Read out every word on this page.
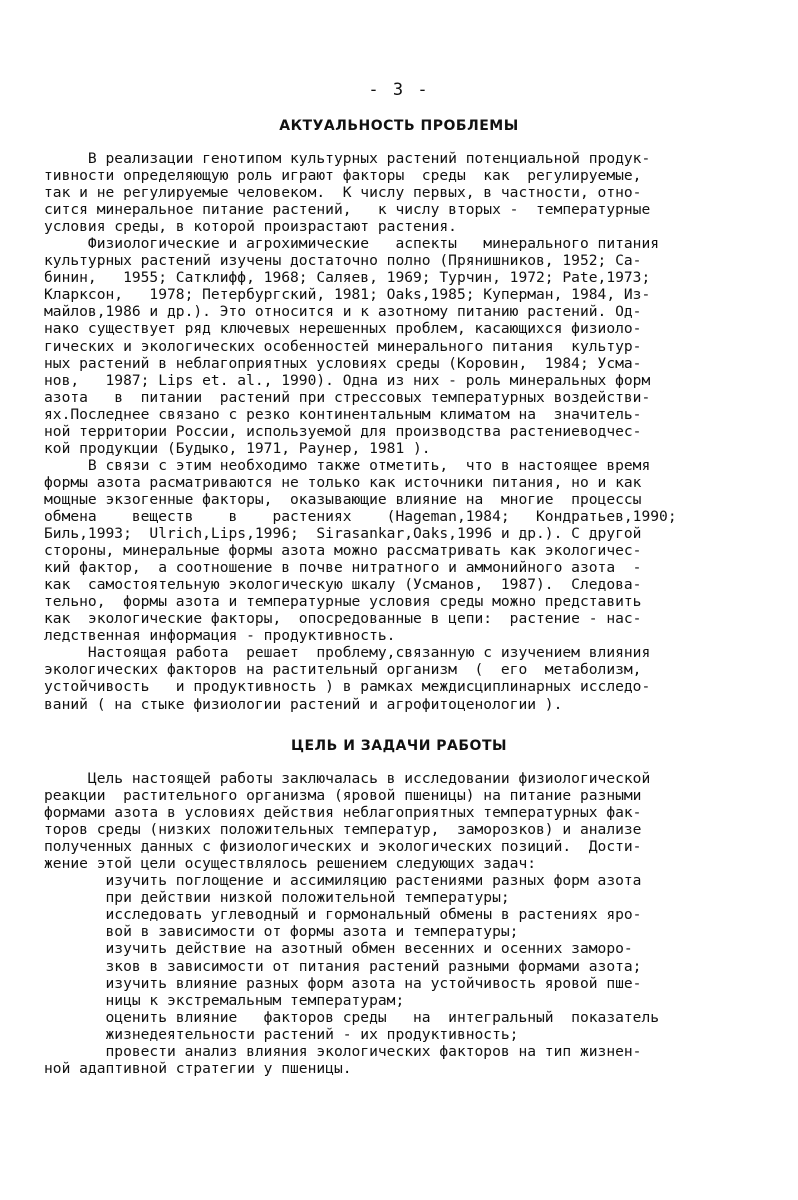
- 3 -
АКТУАЛЬНОСТЬ ПРОБЛЕМЫ
В реализации генотипом культурных растений потенциальной продук-
тивности определяющую роль играют факторы  среды  как  регулируемые,
так и не регулируемые человеком.  К числу первых, в частности, отно-
сится минеральное питание растений,   к числу вторых -  температурные
условия среды, в которой произрастают растения.
Физиологические и агрохимические   аспекты   минерального питания
культурных растений изучены достаточно полно (Прянишников, 1952; Са-
бинин,   1955; Сатклифф, 1968; Саляев, 1969; Турчин, 1972; Pate,1973;
Кларксон,   1978; Петербургский, 1981; Oaks,1985; Куперман, 1984, Из-
майлов,1986 и др.). Это относится и к азотному питанию растений. Од-
нако существует ряд ключевых нерешенных проблем, касающихся физиоло-
гических и экологических особенностей минерального питания  культур-
ных растений в неблагоприятных условиях среды (Коровин,  1984; Усма-
нов,   1987; Lips et. al., 1990). Одна из них - роль минеральных форм
азота   в  питании  растений при стрессовых температурных воздействи-
ях.Последнее связано с резко континентальным климатом на  значитель-
ной территории России, используемой для производства растениеводчес-
кой продукции (Будыко, 1971, Раунер, 1981 ).
В связи с этим необходимо также отметить,  что в настоящее время
формы азота расматриваются не только как источники питания, но и как
мощные экзогенные факторы,  оказывающие влияние на  многие  процессы
обмена    веществ    в    растениях    (Hageman,1984;   Кондратьев,1990;
Биль,1993;  Ulrich,Lips,1996;  Sirasankar,Oaks,1996 и др.). С другой
стороны, минеральные формы азота можно рассматривать как экологичес-
кий фактор,  а соотношение в почве нитратного и аммонийного азота  -
как  самостоятельную экологическую шкалу (Усманов,  1987).  Следова-
тельно,  формы азота и температурные условия среды можно представить
как  экологические факторы,  опосредованные в цепи:  растение - нас-
ледственная информация - продуктивность.
Настоящая работа  решает  проблему,связанную с изучением влияния
экологических факторов на растительный организм  (  его  метаболизм,
устойчивость   и продуктивность ) в рамках междисциплинарных исследо-
ваний ( на стыке физиологии растений и агрофитоценологии ).
ЦЕЛЬ И ЗАДАЧИ РАБОТЫ
Цель настоящей работы заключалась в исследовании физиологической
реакции  растительного организма (яровой пшеницы) на питание разными
формами азота в условиях действия неблагоприятных температурных фак-
торов среды (низких положительных температур,  заморозков) и анализе
полученных данных с физиологических и экологических позиций.  Дости-
жение этой цели осуществлялось решением следующих задач:
изучить поглощение и ассимиляцию растениями разных форм азота
при действии низкой положительной температуры;
исследовать углеводный и гормональный обмены в растениях яро-
вой в зависимости от формы азота и температуры;
изучить действие на азотный обмен весенних и осенних заморо-
зков в зависимости от питания растений разными формами азота;
изучить влияние разных форм азота на устойчивость яровой пше-
ницы к экстремальным температурам;
оценить влияние   факторов среды   на  интегральный  показатель
жизнедеятельности растений - их продуктивность;
провести анализ влияния экологических факторов на тип жизнен-
ной адаптивной стратегии у пшеницы.
